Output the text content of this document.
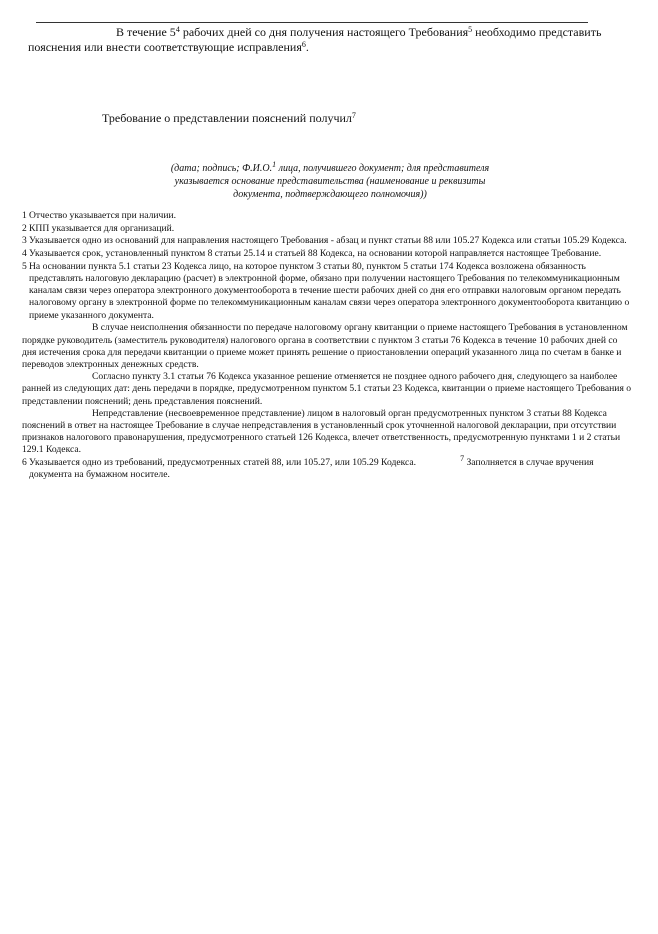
В течение $5^4$ рабочих дней со дня получения настоящего Требования$^5$ необходимо представить пояснения или внести соответствующие исправления$^6$.
Требование о представлении пояснений получил$^7$
(дата; подпись; Ф.И.О.$^1$ лица, получившего документ; для представителя указывается основание представительства (наименование и реквизиты документа, подтверждающего полномочия))
1 Отчество указывается при наличии.
2 КПП указывается для организаций.
3 Указывается одно из оснований для направления настоящего Требования - абзац и пункт статьи 88 или 105.27 Кодекса или статьи 105.29 Кодекса.
4 Указывается срок, установленный пунктом 8 статьи 25.14 и статьей 88 Кодекса, на основании которой направляется настоящее Требование.
5 На основании пункта 5.1 статьи 23 Кодекса лицо, на которое пунктом 3 статьи 80, пунктом 5 статьи 174 Кодекса возложена обязанность представлять налоговую декларацию (расчет) в электронной форме, обязано при получении настоящего Требования по телекоммуникационным каналам связи через оператора электронного документооборота в течение шести рабочих дней со дня его отправки налоговым органом передать налоговому органу в электронной форме по телекоммуникационным каналам связи через оператора электронного документооборота квитанцию о приеме указанного документа.

В случае неисполнения обязанности по передаче налоговому органу квитанции о приеме настоящего Требования в установленном порядке руководитель (заместитель руководителя) налогового органа в соответствии с пунктом 3 статьи 76 Кодекса в течение 10 рабочих дней со дня истечения срока для передачи квитанции о приеме может принять решение о приостановлении операций указанного лица по счетам в банке и переводов электронных денежных средств.

Согласно пункту 3.1 статьи 76 Кодекса указанное решение отменяется не позднее одного рабочего дня, следующего за наиболее ранней из следующих дат: день передачи в порядке, предусмотренном пунктом 5.1 статьи 23 Кодекса, квитанции о приеме настоящего Требования о представлении пояснений; день представления пояснений.

Непредставление (несвоевременное представление) лицом в налоговый орган предусмотренных пунктом 3 статьи 88 Кодекса пояснений в ответ на настоящее Требование в случае непредставления в установленный срок уточненной налоговой декларации, при отсутствии признаков налогового правонарушения, предусмотренного статьей 126 Кодекса, влечет ответственность, предусмотренную пунктами 1 и 2 статьи 129.1 Кодекса.

6 Указывается одно из требований, предусмотренных статей 88, или 105.27, или 105.29 Кодекса.	$^7$ Заполняется в случае вручения документа на бумажном носителе.
